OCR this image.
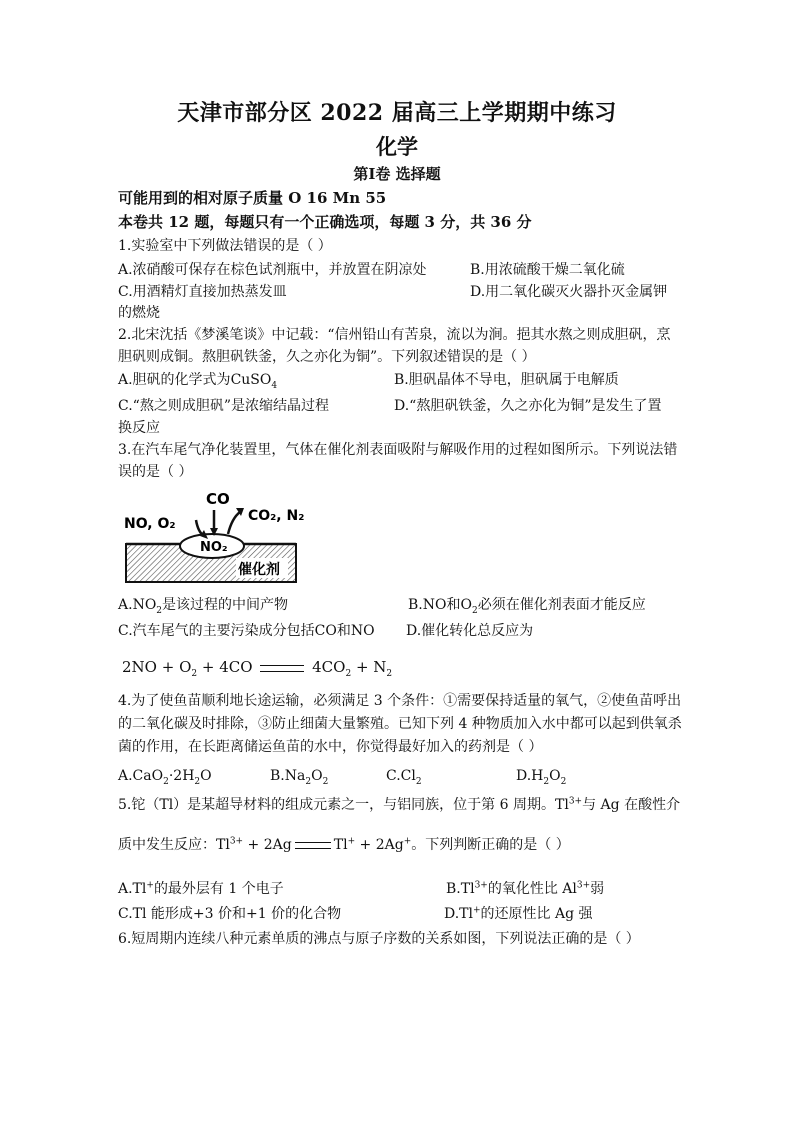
天津市部分区 2022 届高三上学期期中练习
化学
第Ⅰ卷 选择题
可能用到的相对原子质量 O 16 Mn 55
本卷共 12 题，每题只有一个正确选项，每题 3 分，共 36 分
1.实验室中下列做法错误的是（ ）
A.浓硝酸可保存在棕色试剂瓶中，并放置在阴凉处	B.用浓硫酸干燥二氧化硫
C.用酒精灯直接加热蒸发皿	D.用二氧化碳灭火器扑灭金属钾
的燃烧
2.北宋沈括《梦溪笔谈》中记载：“信州铅山有苦泉，流以为涧。挹其水熬之则成胆矾，烹
胆矾则成铜。熬胆矾铁釜，久之亦化为铜”。下列叙述错误的是（ ）
A.胆矾的化学式为CuSO$_4$	B.胆矾晶体不导电，胆矾属于电解质
C.“熬之则成胆矾”是浓缩结晶过程	D.“熬胆矾铁釜，久之亦化为铜”是发生了置
换反应
3.在汽车尾气净化装置里，气体在催化剂表面吸附与解吸作用的过程如图所示。下列说法错
误的是（ ）
CO
NO, O₂	CO₂, N₂
NO₂
催化剂
$A.NO_2$是该过程的中间产物	B.NO和$O_2$必须在催化剂表面才能反应
C.汽车尾气的主要污染成分包括CO和NO	D.催化转化总反应为
$2NO + O_2 + 4CO$	$4CO_2 + N_2$
4.为了使鱼苗顺利地长途运输，必须满足 3 个条件：①需要保持适量的氧气，②使鱼苗呼出
的二氧化碳及时排除，③防止细菌大量繁殖。已知下列 4 种物质加入水中都可以起到供氧杀
菌的作用，在长距离储运鱼苗的水中，你觉得最好加入的药剂是（ ）
$A.CaO_2\cdot 2H_2O$	$B.Na_2O_2$	$C.Cl_2$	$D.H_2O_2$
5.铊（Tl）是某超导材料的组成元素之一，与铝同族，位于第 6 周期。$Tl^{3+}$与 Ag 在酸性介
质中发生反应：$Tl^{3+} + 2Ag$	Tl+ + 2Ag+。下列判断正确的是（ ）
A.Tl+的最外层有 1 个电子	$B.Tl^{3+}$的氧化性比 $Al^{3+}$弱
C.Tl 能形成+3 价和+1 价的化合物	D.Tl+的还原性比 Ag 强
6.短周期内连续八种元素单质的沸点与原子序数的关系如图，下列说法正确的是（ ）
